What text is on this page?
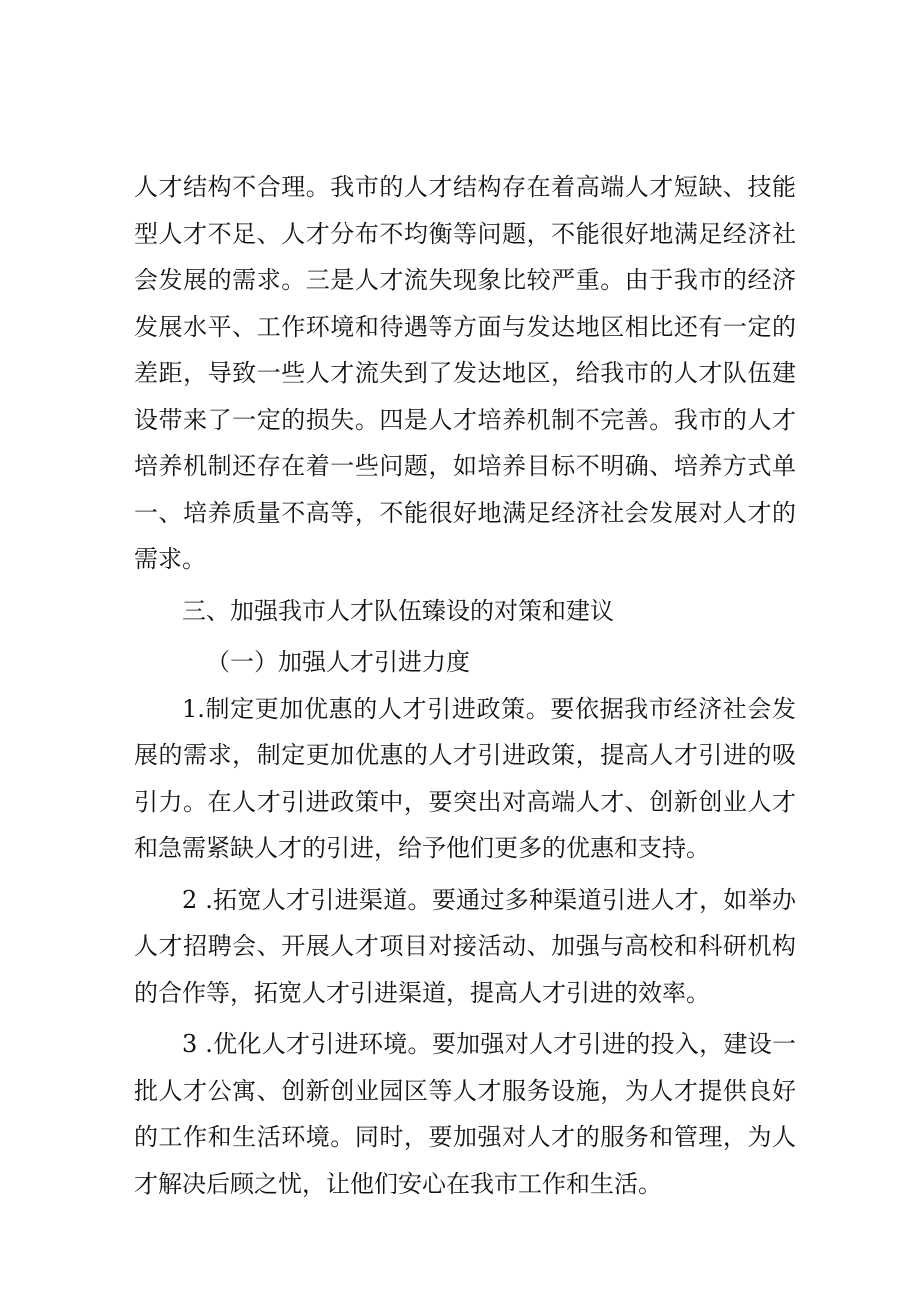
人才结构不合理。我市的人才结构存在着高端人才短缺、技能型人才不足、人才分布不均衡等问题，不能很好地满足经济社会发展的需求。三是人才流失现象比较严重。由于我市的经济发展水平、工作环境和待遇等方面与发达地区相比还有一定的差距，导致一些人才流失到了发达地区，给我市的人才队伍建设带来了一定的损失。四是人才培养机制不完善。我市的人才培养机制还存在着一些问题，如培养目标不明确、培养方式单一、培养质量不高等，不能很好地满足经济社会发展对人才的需求。

三、加强我市人才队伍臻设的对策和建议

（一）加强人才引进力度

1.制定更加优惠的人才引进政策。要依据我市经济社会发展的需求，制定更加优惠的人才引进政策，提高人才引进的吸引力。在人才引进政策中，要突出对高端人才、创新创业人才和急需紧缺人才的引进，给予他们更多的优惠和支持。

2 .拓宽人才引进渠道。要通过多种渠道引进人才，如举办人才招聘会、开展人才项目对接活动、加强与高校和科研机构的合作等，拓宽人才引进渠道，提高人才引进的效率。

3 .优化人才引进环境。要加强对人才引进的投入，建设一批人才公寓、创新创业园区等人才服务设施，为人才提供良好的工作和生活环境。同时，要加强对人才的服务和管理，为人才解决后顾之忧，让他们安心在我市工作和生活。
